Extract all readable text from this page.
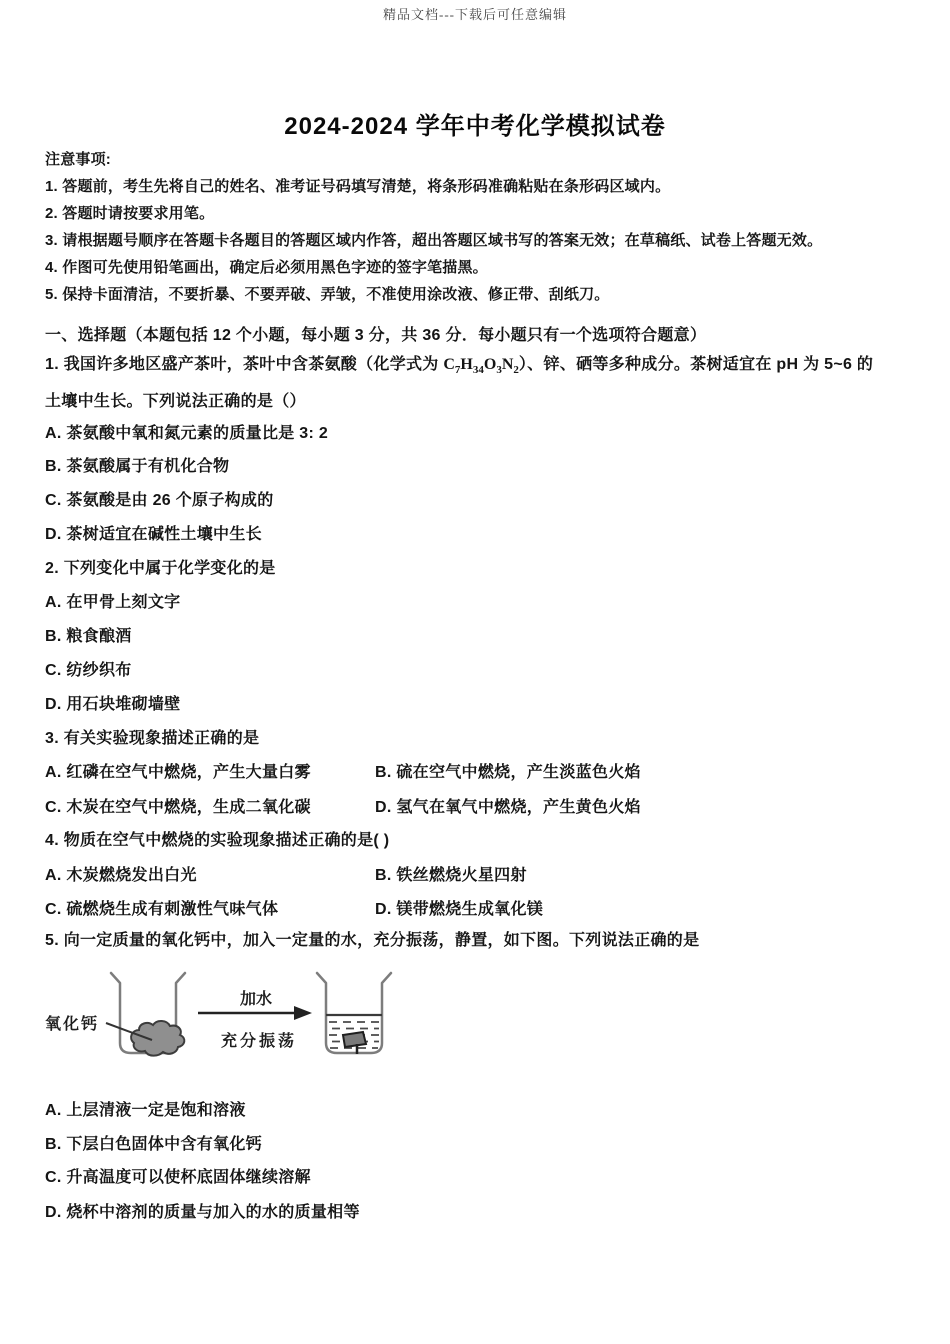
精品文档---下载后可任意编辑
2024-2024 学年中考化学模拟试卷
注意事项:
1. 答题前，考生先将自己的姓名、准考证号码填写清楚，将条形码准确粘贴在条形码区域内。
2. 答题时请按要求用笔。
3. 请根据题号顺序在答题卡各题目的答题区域内作答，超出答题区域书写的答案无效；在草稿纸、试卷上答题无效。
4. 作图可先使用铅笔画出，确定后必须用黑色字迹的签字笔描黑。
5. 保持卡面清洁，不要折暴、不要弄破、弄皱，不准使用涂改液、修正带、刮纸刀。
一、选择题（本题包括 12 个小题，每小题 3 分，共 36 分．每小题只有一个选项符合题意）
1. 我国许多地区盛产茶叶，茶叶中含茶氨酸（化学式为 $C_7H_{34}O_3N_2$）、锌、硒等多种成分。茶树适宜在 pH 为 5~6 的
土壤中生长。下列说法正确的是（）
A. 茶氨酸中氧和氮元素的质量比是 3: 2
B. 茶氨酸属于有机化合物
C. 茶氨酸是由 26 个原子构成的
D. 茶树适宜在碱性土壤中生长
2. 下列变化中属于化学变化的是
A. 在甲骨上刻文字
B. 粮食酿酒
C. 纺纱织布
D. 用石块堆砌墙壁
3. 有关实验现象描述正确的是
A. 红磷在空气中燃烧，产生大量白雾	B. 硫在空气中燃烧，产生淡蓝色火焰
C. 木炭在空气中燃烧，生成二氧化碳	D. 氢气在氧气中燃烧，产生黄色火焰
4. 物质在空气中燃烧的实验现象描述正确的是( )
A. 木炭燃烧发出白光	B. 铁丝燃烧火星四射
C. 硫燃烧生成有刺激性气味气体	D. 镁带燃烧生成氧化镁
5. 向一定质量的氧化钙中，加入一定量的水，充分振荡，静置，如下图。下列说法正确的是
氧化钙
加水
充分振荡
A. 上层清液一定是饱和溶液
B. 下层白色固体中含有氧化钙
C. 升高温度可以使杯底固体继续溶解
D. 烧杯中溶剂的质量与加入的水的质量相等
